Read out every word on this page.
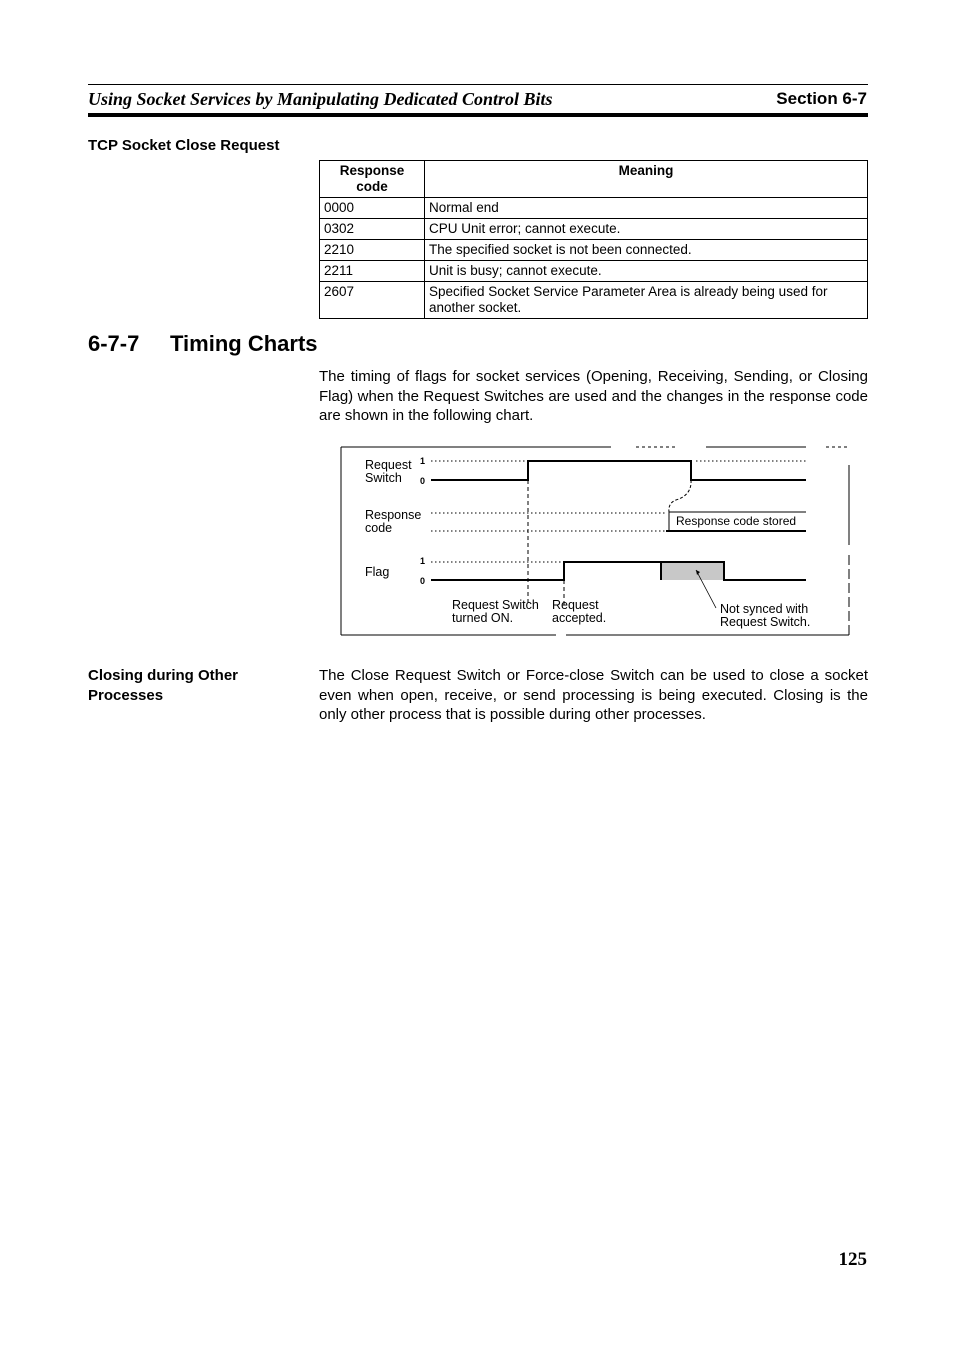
Using Socket Services by Manipulating Dedicated Control Bits	Section 6-7
TCP Socket Close Request
Response code	Meaning
0000	Normal end
0302	CPU Unit error; cannot execute.
2210	The specified socket is not been connected.
2211	Unit is busy; cannot execute.
2607	Specified Socket Service Parameter Area is already being used for another socket.
6-7-7 Timing Charts
The timing of flags for socket services (Opening, Receiving, Sending, or Closing Flag) when the Request Switches are used and the changes in the response code are shown in the following chart.
Request
Switch
Response
code
Flag
1
0
1
0
Response code stored
Request Switch
turned ON.
Request
accepted.
Not synced with
Request Switch.
Closing during Other
Processes
The Close Request Switch or Force-close Switch can be used to close a socket even when open, receive, or send processing is being executed. Closing is the only other process that is possible during other processes.
125
